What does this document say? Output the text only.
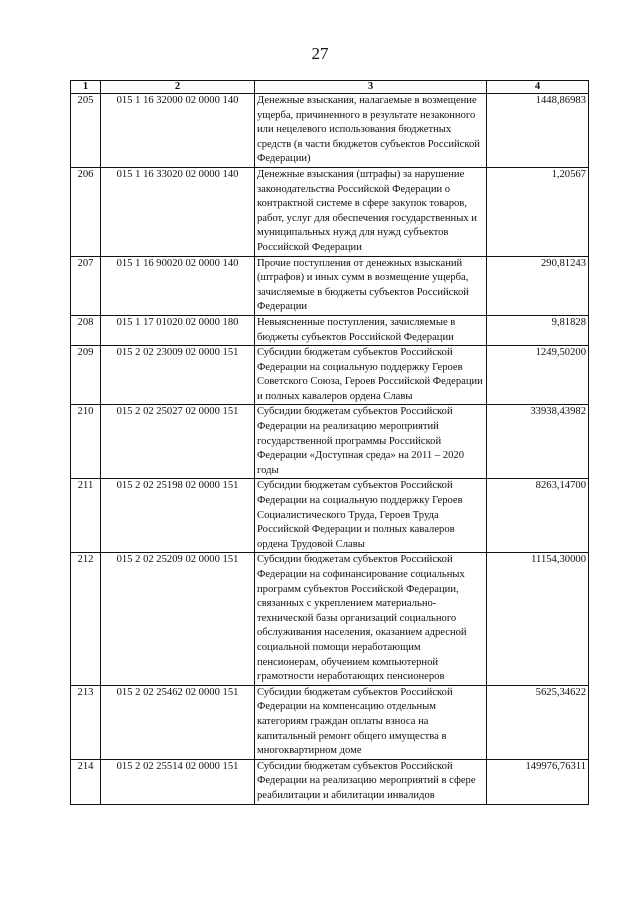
27
1	2	3	4
205	015 1 16 32000 02 0000 140	Денежные взыскания, налагаемые в возмещение ущерба, причиненного в результате незаконного или нецелевого использования бюджетных средств (в части бюджетов субъектов Российской Федерации)	1448,86983
206	015 1 16 33020 02 0000 140	Денежные взыскания (штрафы) за нарушение законодательства Российской Федерации о контрактной системе в сфере закупок товаров, работ, услуг для обеспечения государственных и муниципальных нужд для нужд субъектов Российской Федерации	1,20567
207	015 1 16 90020 02 0000 140	Прочие поступления от денежных взысканий (штрафов) и иных сумм в возмещение ущерба, зачисляемые в бюджеты субъектов Российской Федерации	290,81243
208	015 1 17 01020 02 0000 180	Невыясненные поступления, зачисляемые в бюджеты субъектов Российской Федерации	9,81828
209	015 2 02 23009 02 0000 151	Субсидии бюджетам субъектов Российской Федерации на социальную поддержку Героев Советского Союза, Героев Российской Федерации и полных кавалеров ордена Славы	1249,50200
210	015 2 02 25027 02 0000 151	Субсидии бюджетам субъектов Российской Федерации на реализацию мероприятий государственной программы Российской Федерации «Доступная среда» на 2011 – 2020 годы	33938,43982
211	015 2 02 25198 02 0000 151	Субсидии бюджетам субъектов Российской Федерации на социальную поддержку Героев Социалистического Труда, Героев Труда Российской Федерации и полных кавалеров ордена Трудовой Славы	8263,14700
212	015 2 02 25209 02 0000 151	Субсидии бюджетам субъектов Российской Федерации на софинансирование социальных программ субъектов Российской Федерации, связанных с укреплением материально-технической базы организаций социального обслуживания населения, оказанием адресной социальной помощи неработающим пенсионерам, обучением компьютерной грамотности неработающих пенсионеров	11154,30000
213	015 2 02 25462 02 0000 151	Субсидии бюджетам субъектов Российской Федерации на компенсацию отдельным категориям граждан оплаты взноса на капитальный ремонт общего имущества в многоквартирном доме	5625,34622
214	015 2 02 25514 02 0000 151	Субсидии бюджетам субъектов Российской Федерации на реализацию мероприятий в сфере реабилитации и абилитации инвалидов	149976,76311
